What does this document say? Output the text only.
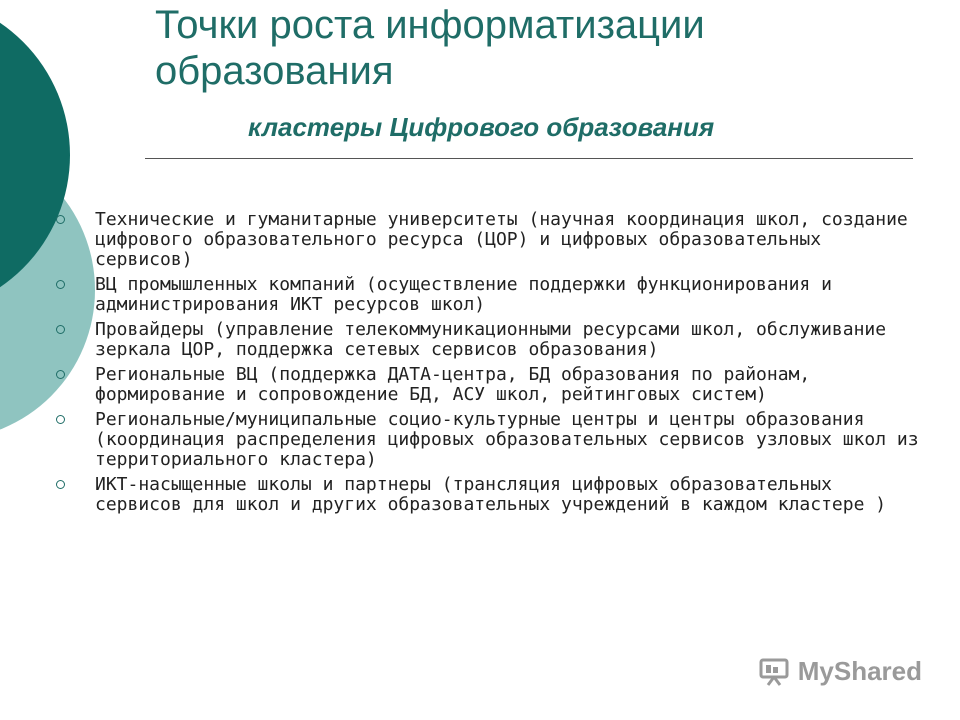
Точки роста информатизации образования
кластеры Цифрового образования
Технические и гуманитарные университеты (научная координация школ, создание цифрового образовательного ресурса (ЦОР) и цифровых образовательных сервисов)
ВЦ промышленных компаний (осуществление поддержки функционирования и администрирования ИКТ ресурсов школ)
Провайдеры (управление телекоммуникационными ресурсами школ, обслуживание зеркала ЦОР, поддержка сетевых сервисов образования)
Региональные ВЦ (поддержка ДАТА-центра, БД образования по районам, формирование и сопровождение БД, АСУ школ, рейтинговых систем)
Региональные/муниципальные социо-культурные центры и центры образования (координация распределения цифровых образовательных сервисов узловых школ из территориального кластера)
ИКТ-насыщенные школы и партнеры (трансляция цифровых образовательных сервисов для школ и других образовательных учреждений в каждом кластере )
MyShared
